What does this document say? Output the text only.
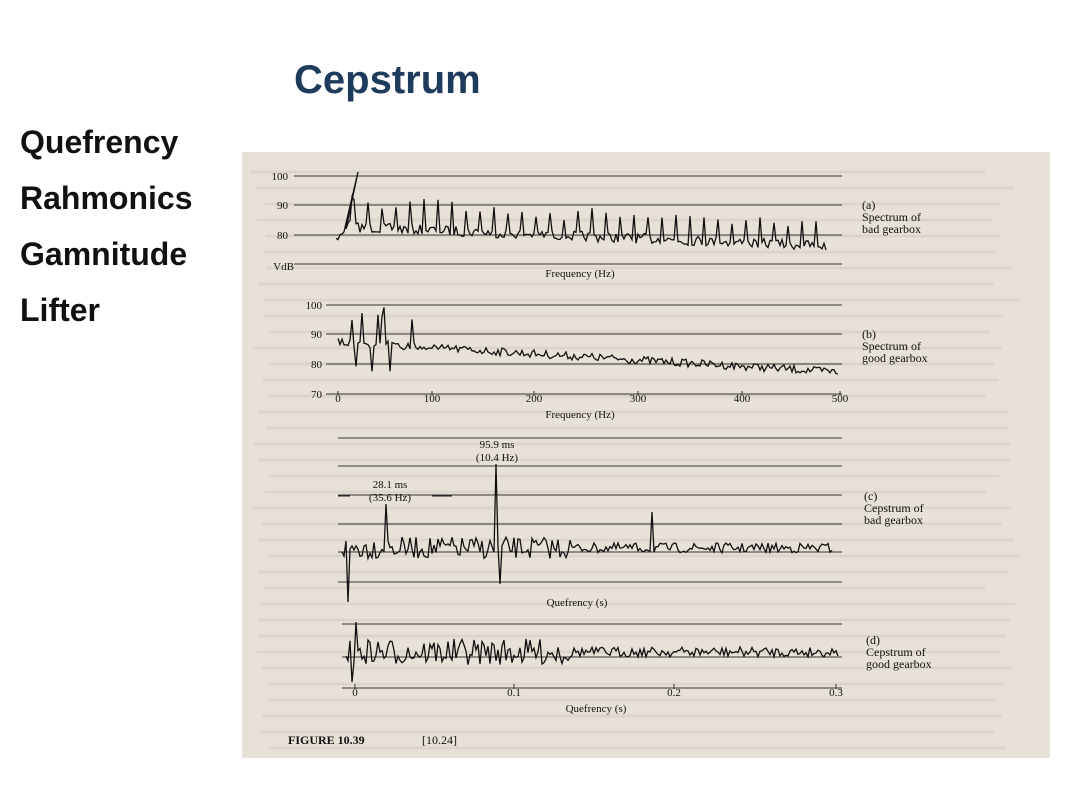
Cepstrum
Quefrency
Rahmonics
Gamnitude
Lifter
100
90
80
VdB
Frequency (Hz)
100
90
80
70 0	100	200	300	400	500
Frequency (Hz)
95.9 ms
(10.4 Hz)
28.1 ms
(35.6 Hz)
Quefrency (s)
0	0.1	0.2	0.3
Quefrency (s)
FIGURE 10.39	[10.24]
(a)
Spectrum of
bad gearbox
(b)
Spectrum of
good gearbox
(c)
Cepstrum of
bad gearbox
(d)
Cepstrum of
good gearbox
